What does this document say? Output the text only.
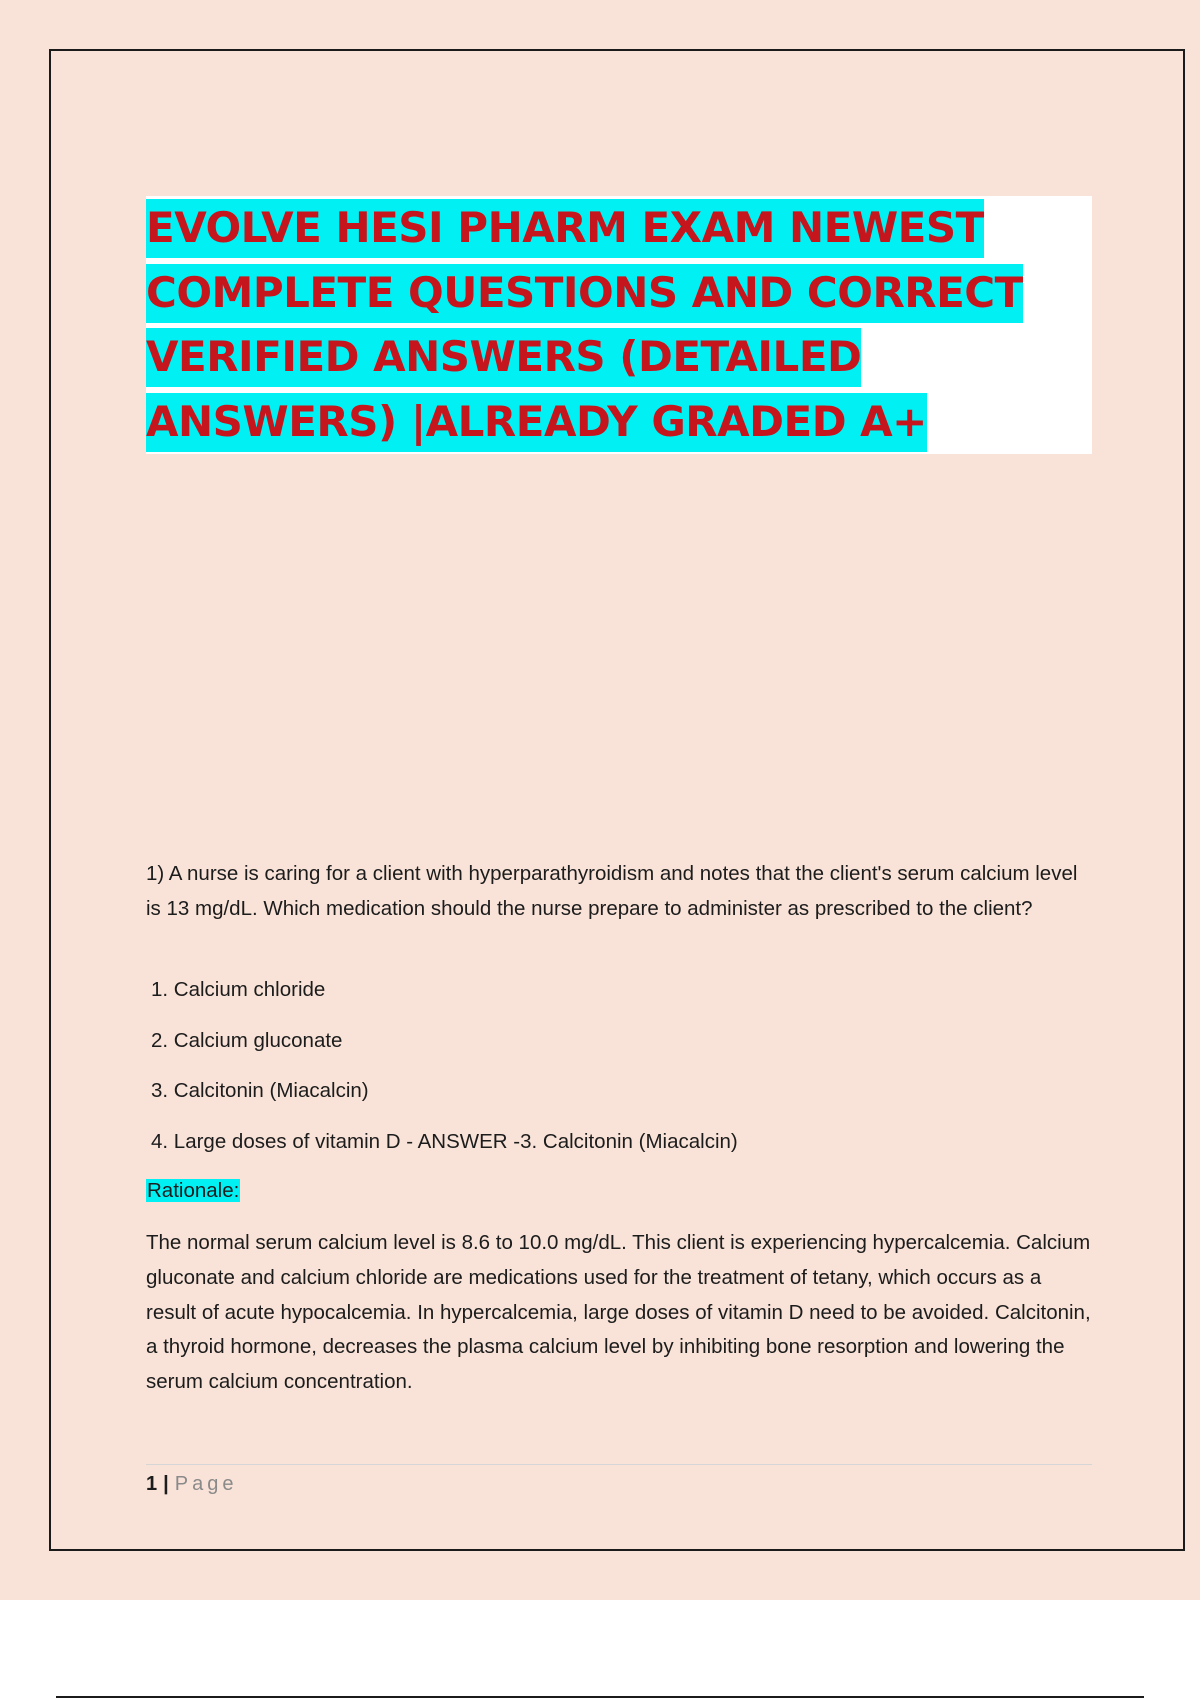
EVOLVE HESI PHARM EXAM NEWEST COMPLETE QUESTIONS AND CORRECT VERIFIED ANSWERS (DETAILED ANSWERS) |ALREADY GRADED A+

1) A nurse is caring for a client with hyperparathyroidism and notes that the client's serum calcium level is 13 mg/dL. Which medication should the nurse prepare to administer as prescribed to the client?

1. Calcium chloride
2. Calcium gluconate
3. Calcitonin (Miacalcin)
4. Large doses of vitamin D - ANSWER -3. Calcitonin (Miacalcin)
Rationale:

The normal serum calcium level is 8.6 to 10.0 mg/dL. This client is experiencing hypercalcemia. Calcium gluconate and calcium chloride are medications used for the treatment of tetany, which occurs as a result of acute hypocalcemia. In hypercalcemia, large doses of vitamin D need to be avoided. Calcitonin, a thyroid hormone, decreases the plasma calcium level by inhibiting bone resorption and lowering the serum calcium concentration.

1 | Page
